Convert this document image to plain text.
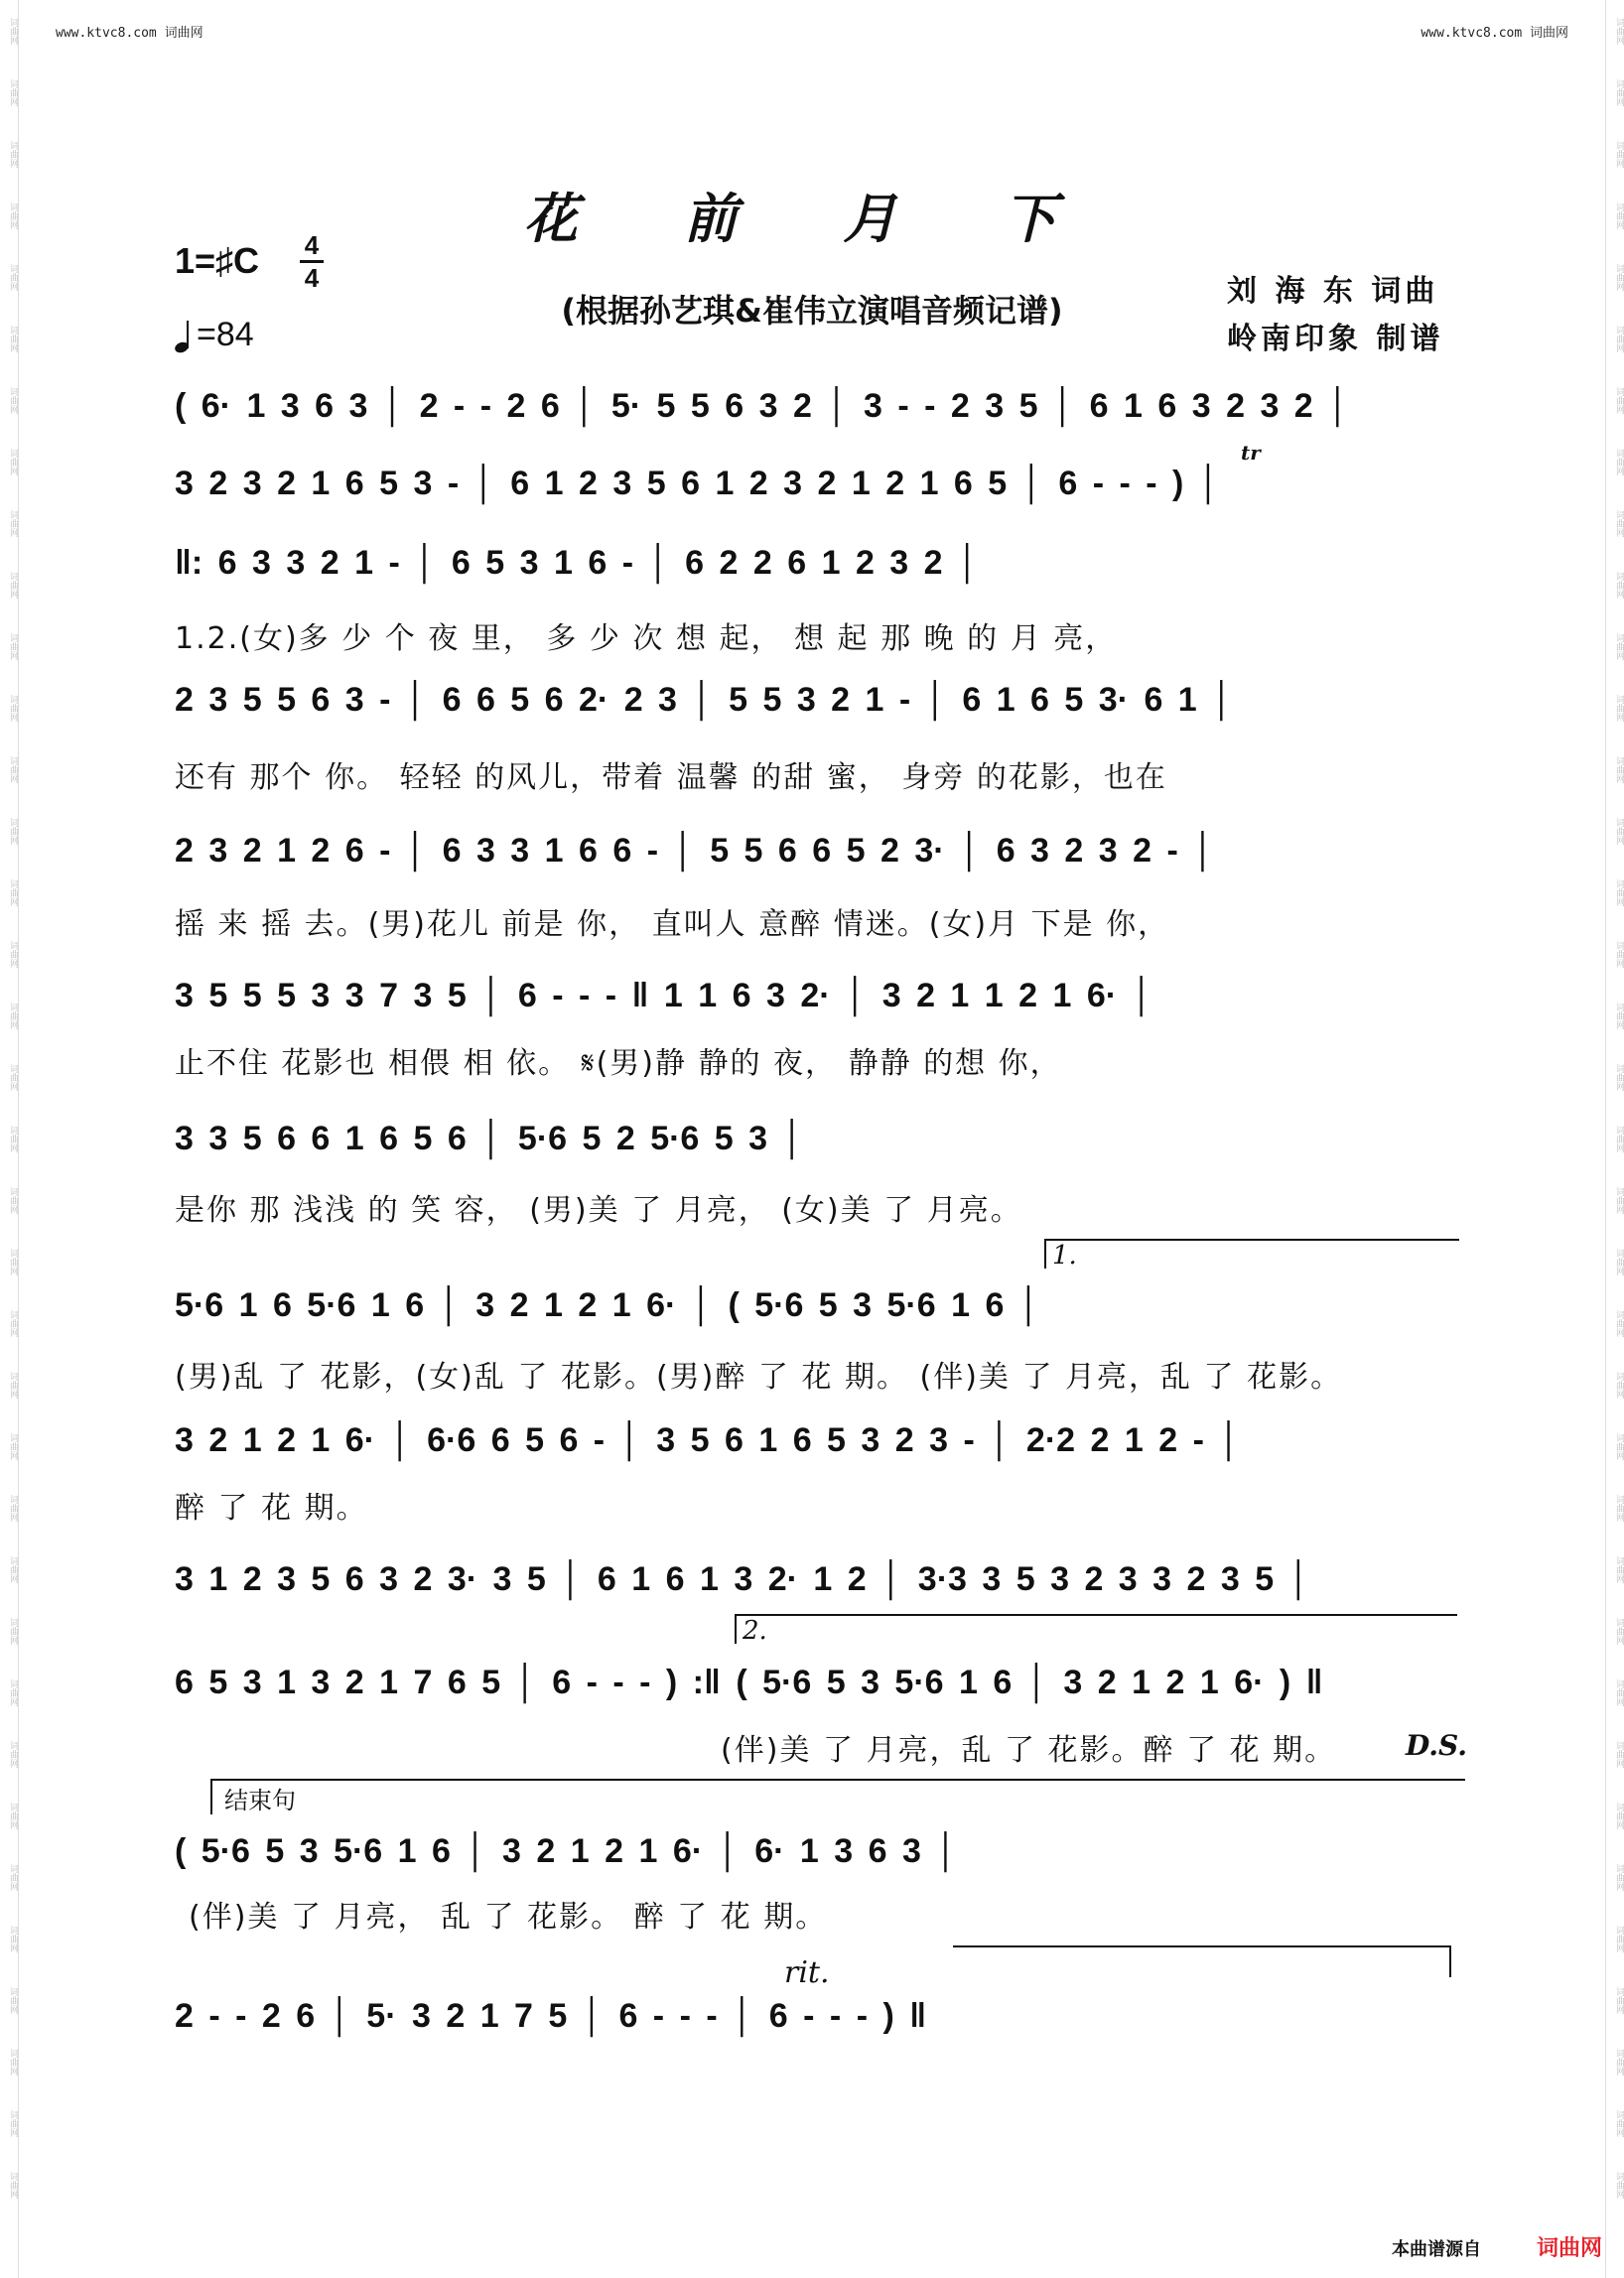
词曲网
词曲网
词曲网
词曲网
词曲网
词曲网
词曲网
词曲网
词曲网
词曲网
词曲网
词曲网
词曲网
词曲网
词曲网
词曲网
词曲网
词曲网
词曲网
词曲网
词曲网
词曲网
词曲网
词曲网
词曲网
词曲网
词曲网
词曲网
词曲网
词曲网
词曲网
词曲网
词曲网
词曲网
词曲网
词曲网
词曲网
词曲网
词曲网
词曲网
词曲网
词曲网
词曲网
词曲网
词曲网
词曲网
词曲网
词曲网
词曲网
词曲网
词曲网
词曲网
词曲网
词曲网
词曲网
词曲网
词曲网
词曲网
词曲网
词曲网
词曲网
词曲网
词曲网
词曲网
词曲网
词曲网
词曲网
词曲网
词曲网
词曲网
词曲网
词曲网
www.ktvc8.com 词曲网	www.ktvc8.com 词曲网
花 前 月 下
1=♯C 4
4
=84
(根据孙艺琪&崔伟立演唱音频记谱)
刘 海 东 词曲
岭南印象 制谱
tr
( 6· 1 3 6 3 │ 2 - - 2 6 │ 5· 5 5 6 3 2 │ 3 - - 2 3 5 │ 6 1 6 3 2 3 2 │
3 2 3 2 1 6 5 3 - │ 6 1 2 3 5 6 1 2 3 2 1 2 1 6 5 │ 6 - - - ) │
‖: 6 3 3 2 1 - │ 6 5 3 1 6 - │ 6 2 2 6 1 2 3 2 │
1.2.(女)多 少 个 夜 里， 多 少 次 想 起， 想 起 那 晚 的 月 亮，
2 3 5 5 6 3 - │ 6 6 5 6 2· 2 3 │ 5 5 3 2 1 - │ 6 1 6 5 3· 6 1 │
还有 那个 你。 轻轻 的风儿，带着 温馨 的甜 蜜， 身旁 的花影，也在
2 3 2 1 2 6 - │ 6 3 3 1 6 6 - │ 5 5 6 6 5 2 3· │ 6 3 2 3 2 - │
摇 来 摇 去。(男)花儿 前是 你， 直叫人 意醉 情迷。(女)月 下是 你，
3 5 5 5 3 3 7 3 5 │ 6 - - - ‖ 1 1 6 3 2· │ 3 2 1 1 2 1 6· │
止不住 花影也 相偎 相 依。 𝄋(男)静 静的 夜， 静静 的想 你，
3 3 5 6 6 1 6 5 6 │ 5·6 5 2 5·6 5 3 │
是你 那 浅浅 的 笑 容， (男)美 了 月亮， (女)美 了 月亮。
1.
5·6 1 6 5·6 1 6 │ 3 2 1 2 1 6· │ ( 5·6 5 3 5·6 1 6 │
(男)乱 了 花影，(女)乱 了 花影。(男)醉 了 花 期。 (伴)美 了 月亮，乱 了 花影。
3 2 1 2 1 6· │ 6·6 6 5 6 - │ 3 5 6 1 6 5 3 2 3 - │ 2·2 2 1 2 - │
醉 了 花 期。
3 1 2 3 5 6 3 2 3· 3 5 │ 6 1 6 1 3 2· 1 2 │ 3·3 3 5 3 2 3 3 2 3 5 │
2.
6 5 3 1 3 2 1 7 6 5 │ 6 - - - ) :‖ ( 5·6 5 3 5·6 1 6 │ 3 2 1 2 1 6· ) ‖
(伴)美 了 月亮，乱 了 花影。醉 了 花 期。 D.S.
结束句
( 5·6 5 3 5·6 1 6 │ 3 2 1 2 1 6· │ 6· 1 3 6 3 │
(伴)美 了 月亮， 乱 了 花影。 醉 了 花 期。
rit.
2 - - 2 6 │ 5· 3 2 1 7 5 │ 6 - - - │ 6 - - - ) ‖
本曲谱源自	词曲网
